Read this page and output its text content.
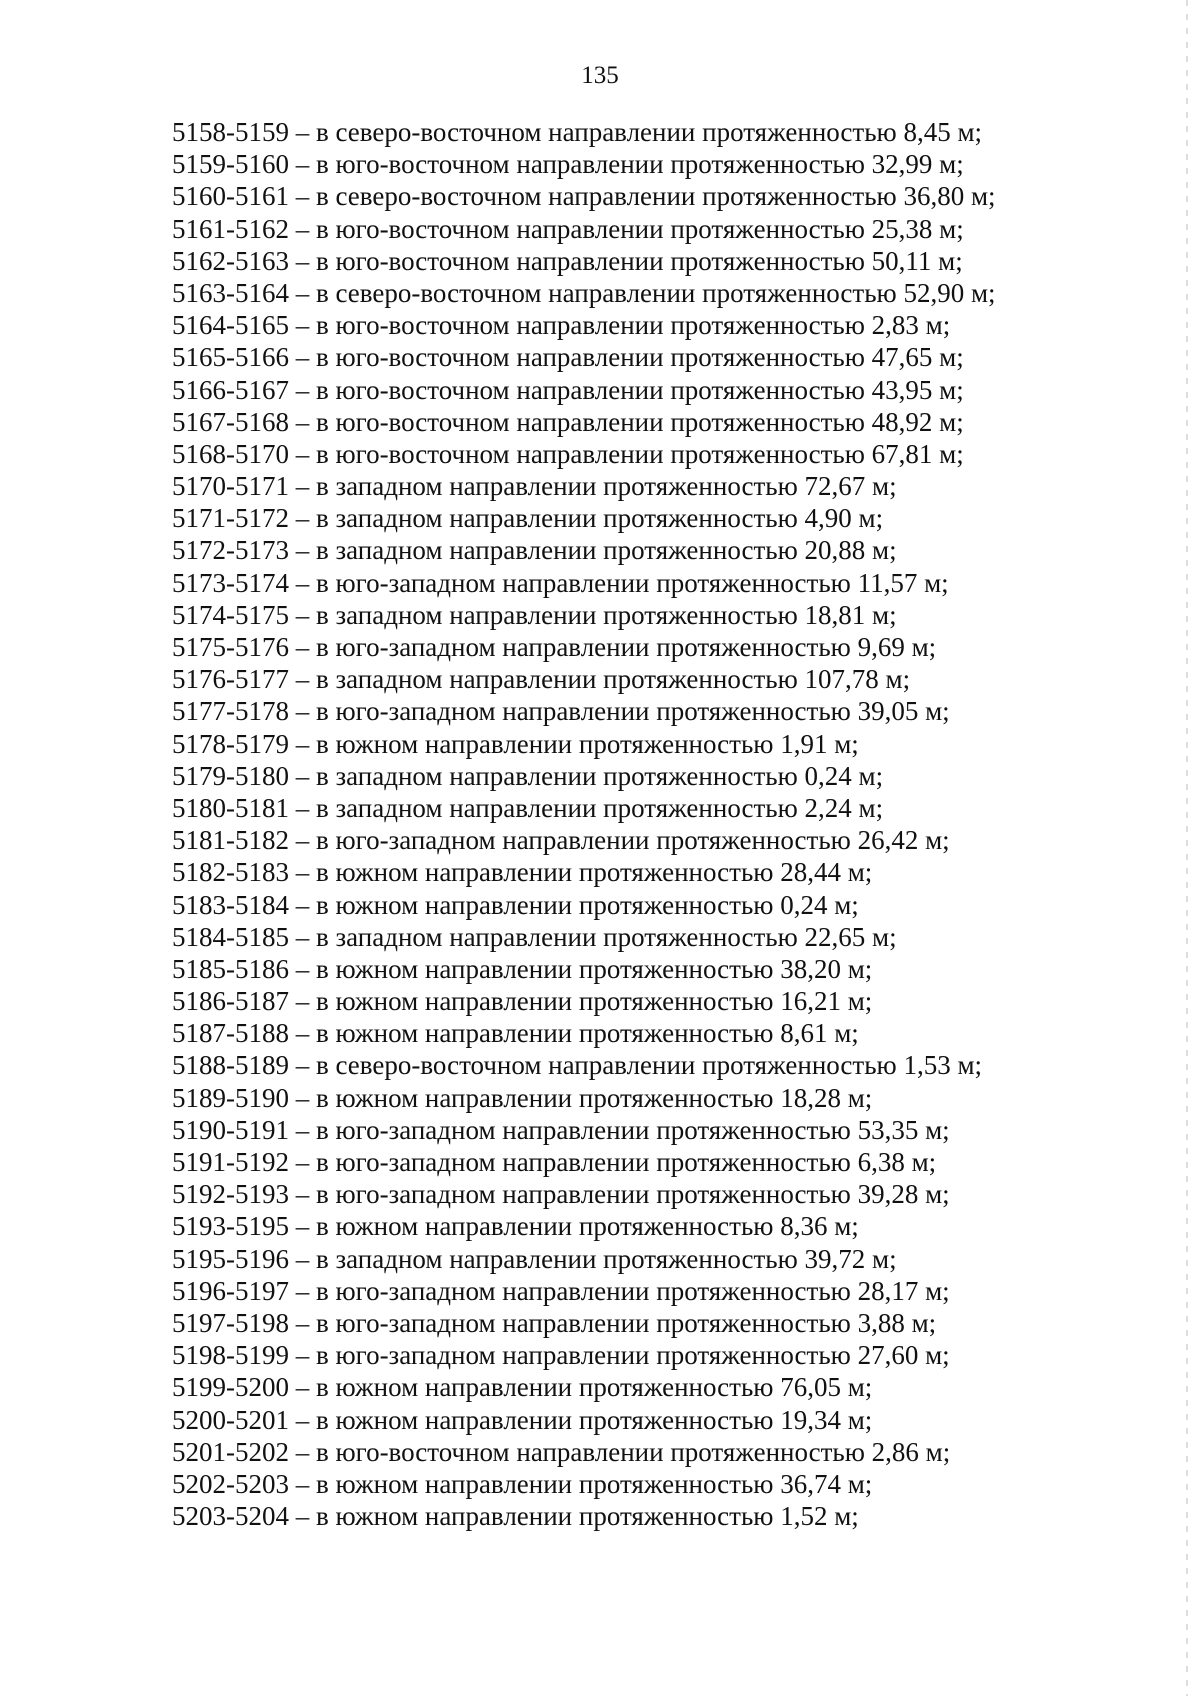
135
5158-5159 – в северо-восточном направлении протяженностью 8,45 м;
5159-5160 – в юго-восточном направлении протяженностью 32,99 м;
5160-5161 – в северо-восточном направлении протяженностью 36,80 м;
5161-5162 – в юго-восточном направлении протяженностью 25,38 м;
5162-5163 – в юго-восточном направлении протяженностью 50,11 м;
5163-5164 – в северо-восточном направлении протяженностью 52,90 м;
5164-5165 – в юго-восточном направлении протяженностью 2,83 м;
5165-5166 – в юго-восточном направлении протяженностью 47,65 м;
5166-5167 – в юго-восточном направлении протяженностью 43,95 м;
5167-5168 – в юго-восточном направлении протяженностью 48,92 м;
5168-5170 – в юго-восточном направлении протяженностью 67,81 м;
5170-5171 – в западном направлении протяженностью 72,67 м;
5171-5172 – в западном направлении протяженностью 4,90 м;
5172-5173 – в западном направлении протяженностью 20,88 м;
5173-5174 – в юго-западном направлении протяженностью 11,57 м;
5174-5175 – в западном направлении протяженностью 18,81 м;
5175-5176 – в юго-западном направлении протяженностью 9,69 м;
5176-5177 – в западном направлении протяженностью 107,78 м;
5177-5178 – в юго-западном направлении протяженностью 39,05 м;
5178-5179 – в южном направлении протяженностью 1,91 м;
5179-5180 – в западном направлении протяженностью 0,24 м;
5180-5181 – в западном направлении протяженностью 2,24 м;
5181-5182 – в юго-западном направлении протяженностью 26,42 м;
5182-5183 – в южном направлении протяженностью 28,44 м;
5183-5184 – в южном направлении протяженностью 0,24 м;
5184-5185 – в западном направлении протяженностью 22,65 м;
5185-5186 – в южном направлении протяженностью 38,20 м;
5186-5187 – в южном направлении протяженностью 16,21 м;
5187-5188 – в южном направлении протяженностью 8,61 м;
5188-5189 – в северо-восточном направлении протяженностью 1,53 м;
5189-5190 – в южном направлении протяженностью 18,28 м;
5190-5191 – в юго-западном направлении протяженностью 53,35 м;
5191-5192 – в юго-западном направлении протяженностью 6,38 м;
5192-5193 – в юго-западном направлении протяженностью 39,28 м;
5193-5195 – в южном направлении протяженностью 8,36 м;
5195-5196 – в западном направлении протяженностью 39,72 м;
5196-5197 – в юго-западном направлении протяженностью 28,17 м;
5197-5198 – в юго-западном направлении протяженностью 3,88 м;
5198-5199 – в юго-западном направлении протяженностью 27,60 м;
5199-5200 – в южном направлении протяженностью 76,05 м;
5200-5201 – в южном направлении протяженностью 19,34 м;
5201-5202 – в юго-восточном направлении протяженностью 2,86 м;
5202-5203 – в южном направлении протяженностью 36,74 м;
5203-5204 – в южном направлении протяженностью 1,52 м;
